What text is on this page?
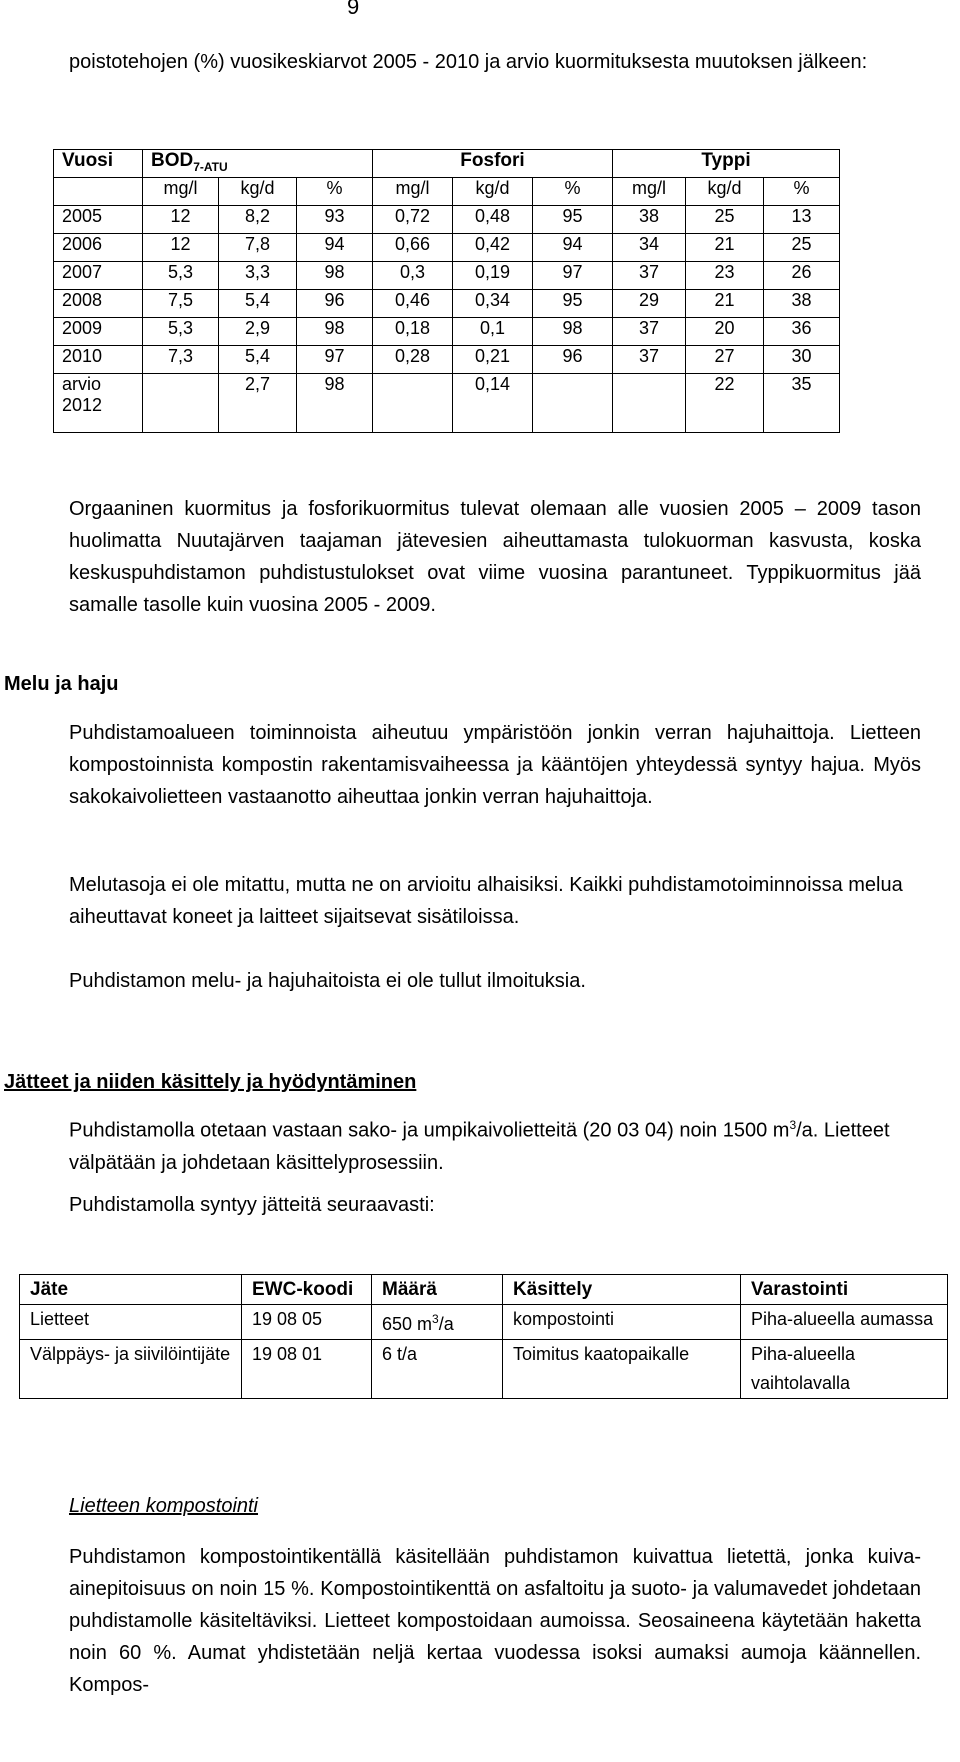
9

poistotehojen (%) vuosikeskiarvot 2005 - 2010 ja arvio kuormituksesta muutoksen jälkeen:

Vuosi	$BOD_{7-ATU}$			Fosfori			Typpi		
	mg/l	kg/d	%	mg/l	kg/d	%	mg/l	kg/d	%
2005	12	8,2	93	0,72	0,48	95	38	25	13
2006	12	7,8	94	0,66	0,42	94	34	21	25
2007	5,3	3,3	98	0,3	0,19	97	37	23	26
2008	7,5	5,4	96	0,46	0,34	95	29	21	38
2009	5,3	2,9	98	0,18	0,1	98	37	20	36
2010	7,3	5,4	97	0,28	0,21	96	37	27	30
arvio 2012		2,7	98		0,14			22	35

Orgaaninen kuormitus ja fosforikuormitus tulevat olemaan alle vuosien 2005 – 2009 tason huolimatta Nuutajärven taajaman jätevesien aiheuttamasta tulokuorman kasvusta, koska keskuspuhdistamon puhdistustulokset ovat viime vuosina parantuneet. Typpikuormitus jää samalle tasolle kuin vuosina 2005 - 2009.

Melu ja haju

Puhdistamoalueen toiminnoista aiheutuu ympäristöön jonkin verran hajuhaittoja. Lietteen kompostoinnista kompostin rakentamisvaiheessa ja kääntöjen yhteydessä syntyy hajua. Myös sakokaivolietteen vastaanotto aiheuttaa jonkin verran hajuhaittoja.

Melutasoja ei ole mitattu, mutta ne on arvioitu alhaisiksi. Kaikki puhdistamotoiminnoissa melua aiheuttavat koneet ja laitteet sijaitsevat sisätiloissa.

Puhdistamon melu- ja hajuhaitoista ei ole tullut ilmoituksia.

Jätteet ja niiden käsittely ja hyödyntäminen

Puhdistamolla otetaan vastaan sako- ja umpikaivolietteitä (20 03 04) noin 1500 $m^3/a$. Lietteet välpätään ja johdetaan käsittelyprosessiin.

Puhdistamolla syntyy jätteitä seuraavasti:

Jäte	EWC-koodi	Määrä	Käsittely	Varastointi
Lietteet	19 08 05	650 $m^3/a$	kompostointi	Piha-alueella aumassa
Välppäys- ja siivilöintijäte	19 08 01	6 t/a	Toimitus kaatopaikalle	Piha-alueella vaihtolavalla
Lietteen kompostointi

Puhdistamon kompostointikentällä käsitellään puhdistamon kuivattua lietettä, jonka kuiva-ainepitoisuus on noin 15 %. Kompostointikenttä on asfaltoitu ja suoto- ja valumavedet johdetaan puhdistamolle käsiteltäviksi. Lietteet kompostoidaan aumoissa. Seosaineena käytetään haketta noin 60 %. Aumat yhdistetään neljä kertaa vuodessa isoksi aumaksi aumoja käännellen. Kompos-
